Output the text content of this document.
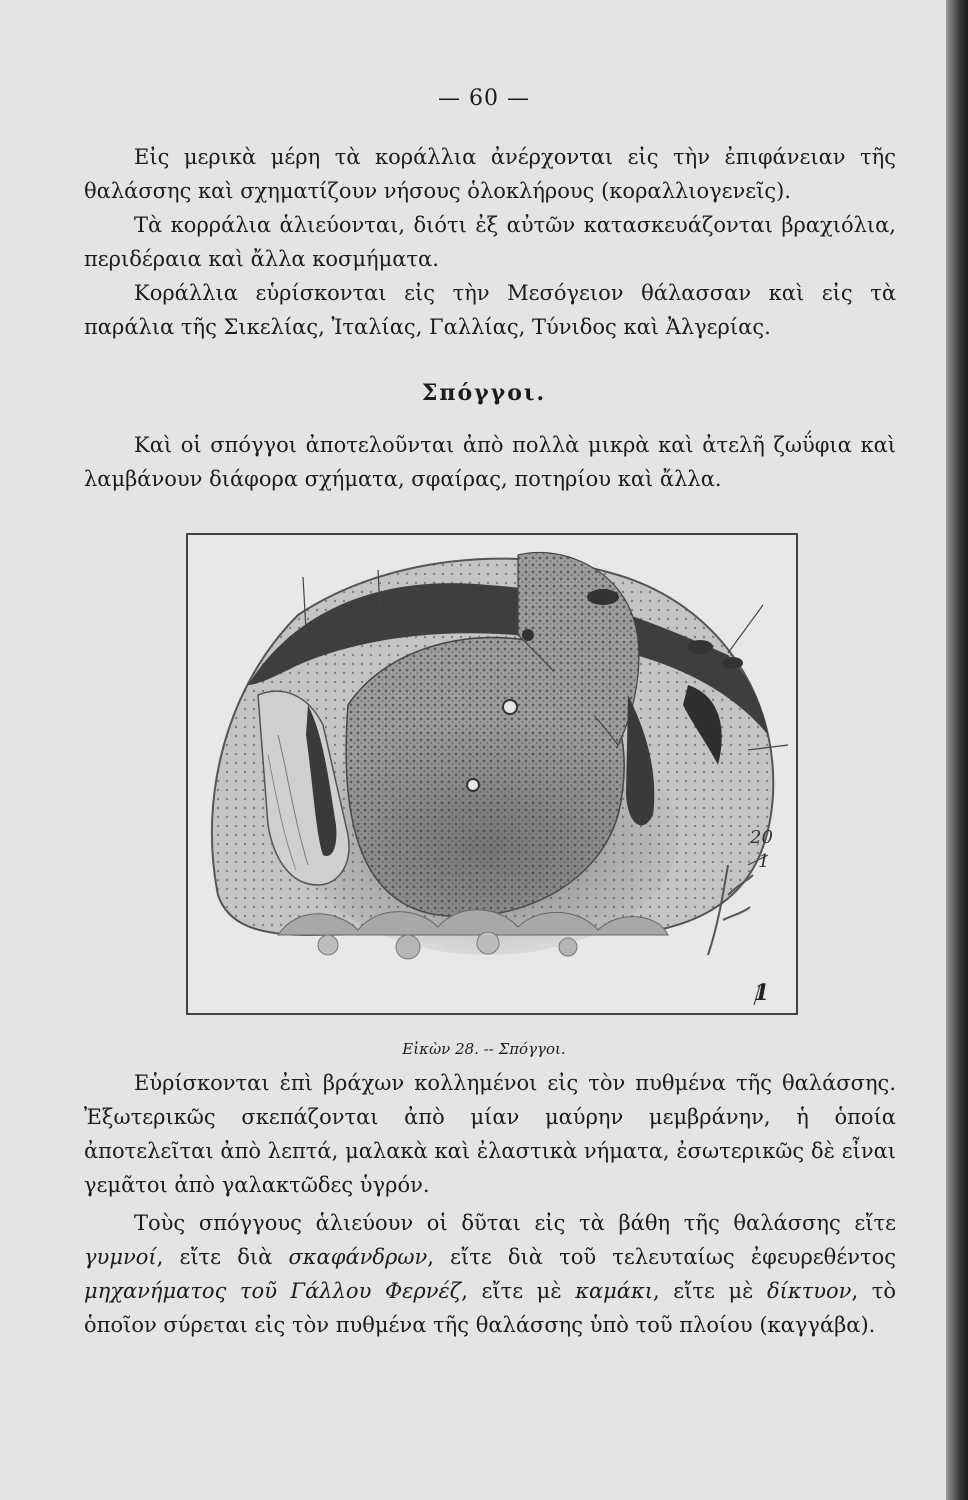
— 60 —

Εἰς μερικὰ μέρη τὰ κοράλλια ἀνέρχονται εἰς τὴν ἐπιφάνειαν τῆς θαλάσσης καὶ σχηματίζουν νήσους ὁλοκλήρους (κοραλλιογενεῖς).

Τὰ κορράλια ἁλιεύονται, διότι ἐξ αὐτῶν κατασκευάζονται βραχιόλια, περιδέραια καὶ ἄλλα κοσμήματα.

Κοράλλια εὑρίσκονται εἰς τὴν Μεσόγειον θάλασσαν καὶ εἰς τὰ παράλια τῆς Σικελίας, Ἰταλίας, Γαλλίας, Τύνιδος καὶ Ἀλγερίας.

Σπόγγοι.

Καὶ οἱ σπόγγοι ἀποτελοῦνται ἀπὸ πολλὰ μικρὰ καὶ ἀτελῆ ζωΰφια καὶ λαμβάνουν διάφορα σχήματα, σφαίρας, ποτηρίου καὶ ἄλλα.

20
1
1
Εἰκὼν 28. -- Σπόγγοι.

Εὑρίσκονται ἐπὶ βράχων κολλημένοι εἰς τὸν πυθμένα τῆς θαλάσσης. Ἐξωτερικῶς σκεπάζονται ἀπὸ μίαν μαύρην μεμβράνην, ἡ ὁποία ἀποτελεῖται ἀπὸ λεπτά, μαλακὰ καὶ ἐλαστικὰ νήματα, ἐσωτερικῶς δὲ εἶναι γεμᾶτοι ἀπὸ γαλακτῶδες ὑγρόν.

Τοὺς σπόγγους ἁλιεύουν οἱ δῦται εἰς τὰ βάθη τῆς θαλάσσης εἴτε γυμνοί, εἴτε διὰ σκαφάνδρων, εἴτε διὰ τοῦ τελευταίως ἐφευρεθέντος μηχανήματος τοῦ Γάλλου Φερνέζ, εἴτε μὲ καμάκι, εἴτε μὲ δίκτυον, τὸ ὁποῖον σύρεται εἰς τὸν πυθμένα τῆς θαλάσσης ὑπὸ τοῦ πλοίου (καγγάβα).
